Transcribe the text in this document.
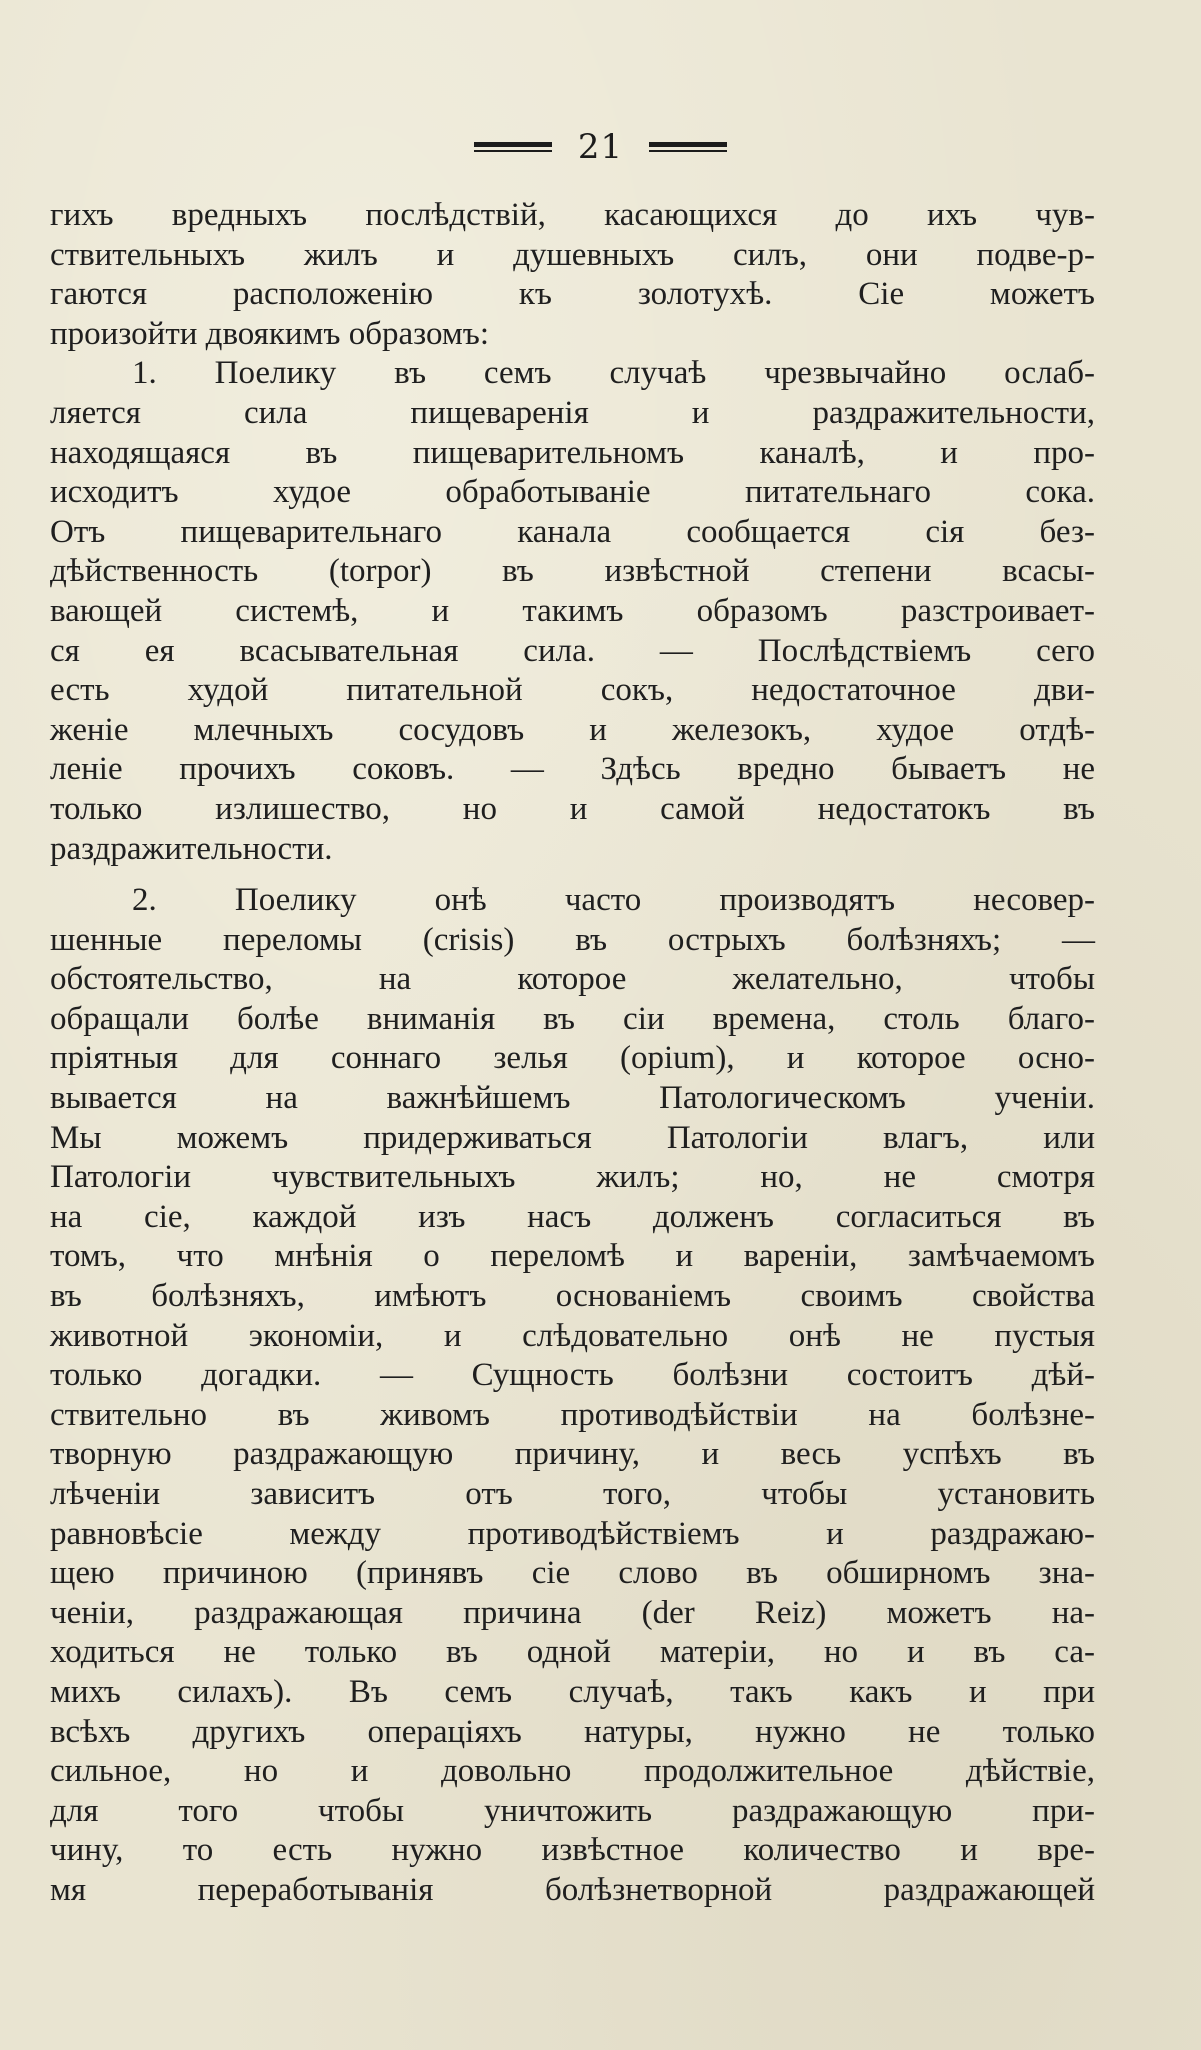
21
гихъ вредныхъ послѣдствій, касающихся до ихъ чув-
ствительныхъ жилъ и душевныхъ силъ, они подве-р-
гаются расположенію къ золотухѣ. Сіе можетъ
произойти двоякимъ образомъ:
1. Поелику въ семъ случаѣ чрезвычайно ослаб-
ляется сила пищеваренія и раздражительности,
находящаяся въ пищеварительномъ каналѣ, и про-
исходитъ худое обработываніе питательнаго сока.
Отъ пищеварительнаго канала сообщается сія без-
дѣйственность (torpor) въ извѣстной степени всасы-
вающей системѣ, и такимъ образомъ разстроивает-
ся ея всасывательная сила. — Послѣдствіемъ сего
есть худой питательной сокъ, недостаточное дви-
женіе млечныхъ сосудовъ и железокъ, худое отдѣ-
леніе прочихъ соковъ. — Здѣсь вредно бываетъ не
только излишество, но и самой недостатокъ въ
раздражительности.
2. Поелику онѣ часто производятъ несовер-
шенные переломы (crisis) въ острыхъ болѣзняхъ; —
обстоятельство, на которое желательно, чтобы
обращали болѣе вниманія въ сіи времена, столь благо-
пріятныя для соннаго зелья (opium), и которое осно-
вывается на важнѣйшемъ Патологическомъ ученіи.
Мы можемъ придерживаться Патологіи влагъ, или
Патологіи чувствительныхъ жилъ; но, не смотря
на сіе, каждой изъ насъ долженъ согласиться въ
томъ, что мнѣнія о переломѣ и вареніи, замѣчаемомъ
въ болѣзняхъ, имѣютъ основаніемъ своимъ свойства
животной экономіи, и слѣдовательно онѣ не пустыя
только догадки. — Сущность болѣзни состоитъ дѣй-
ствительно въ живомъ противодѣйствіи на болѣзне-
творную раздражающую причину, и весь успѣхъ въ
лѣченіи зависитъ отъ того, чтобы установить
равновѣсіе между противодѣйствіемъ и раздражаю-
щею причиною (принявъ сіе слово въ обширномъ зна-
ченіи, раздражающая причина (der Reiz) можетъ на-
ходиться не только въ одной матеріи, но и въ са-
михъ силахъ). Въ семъ случаѣ, такъ какъ и при
всѣхъ другихъ операціяхъ натуры, нужно не только
сильное, но и довольно продолжительное дѣйствіе,
для того чтобы уничтожить раздражающую при-
чину, то есть нужно извѣстное количество и вре-
мя переработыванія болѣзнетворной раздражающей
